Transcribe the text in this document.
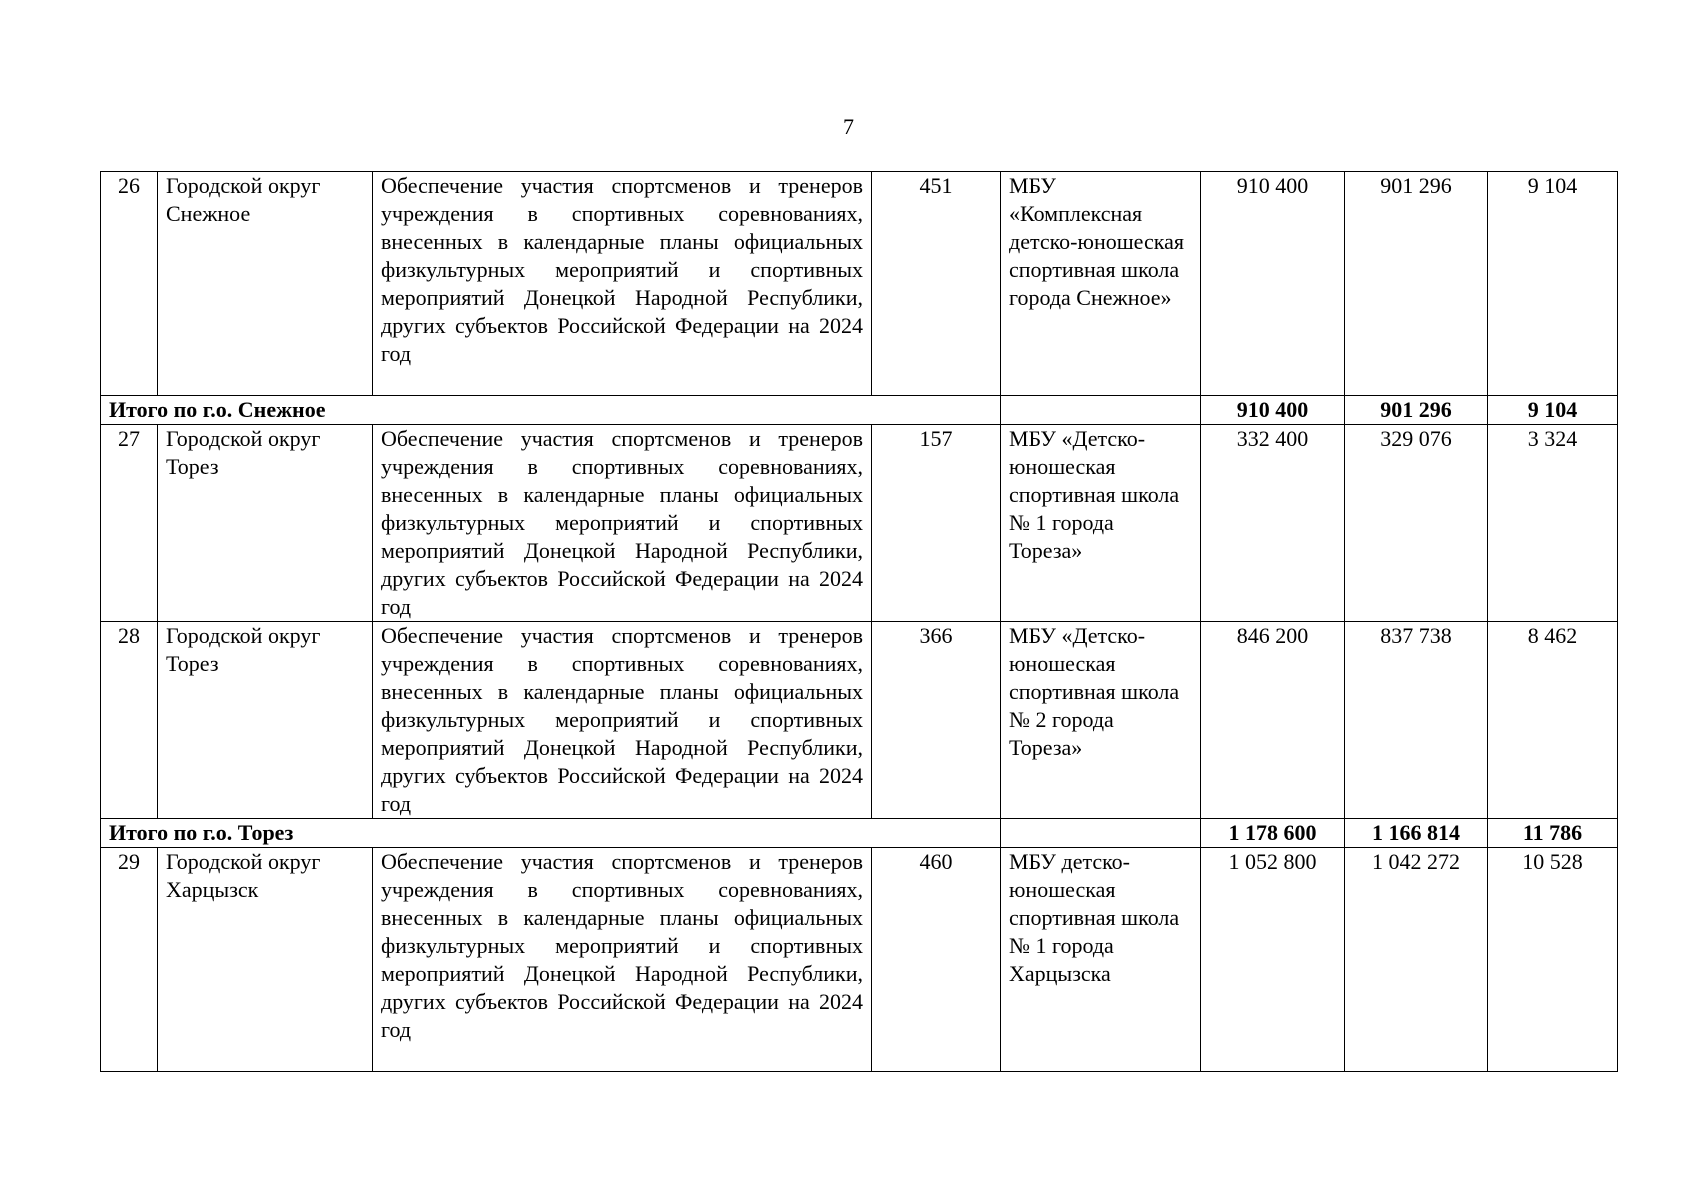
7
26	Городской округ Снежное	Обеспечение участия спортсменов и тренеров учреждения в спортивных соревнованиях, внесенных в календарные планы официальных физкультурных мероприятий и спортивных мероприятий Донецкой Народной Республики, других субъектов Российской Федерации на 2024 год	451	МБУ «Комплексная детско-юношеская спортивная школа города Снежное»	910 400	901 296	9 104
Итого по г.о. Снежное					910 400	901 296	9 104
27	Городской округ Торез	Обеспечение участия спортсменов и тренеров учреждения в спортивных соревнованиях, внесенных в календарные планы официальных физкультурных мероприятий и спортивных мероприятий Донецкой Народной Республики, других субъектов Российской Федерации на 2024 год	157	МБУ «Детско-юношеская спортивная школа № 1 города Тореза»	332 400	329 076	3 324
28	Городской округ Торез	Обеспечение участия спортсменов и тренеров учреждения в спортивных соревнованиях, внесенных в календарные планы официальных физкультурных мероприятий и спортивных мероприятий Донецкой Народной Республики, других субъектов Российской Федерации на 2024 год	366	МБУ «Детско-юношеская спортивная школа № 2 города Тореза»	846 200	837 738	8 462
Итого по г.о. Торез					1 178 600	1 166 814	11 786
29	Городской округ Харцызск	Обеспечение участия спортсменов и тренеров учреждения в спортивных соревнованиях, внесенных в календарные планы официальных физкультурных мероприятий и спортивных мероприятий Донецкой Народной Республики, других субъектов Российской Федерации на 2024 год	460	МБУ детско-юношеская спортивная школа № 1 города Харцызска	1 052 800	1 042 272	10 528
